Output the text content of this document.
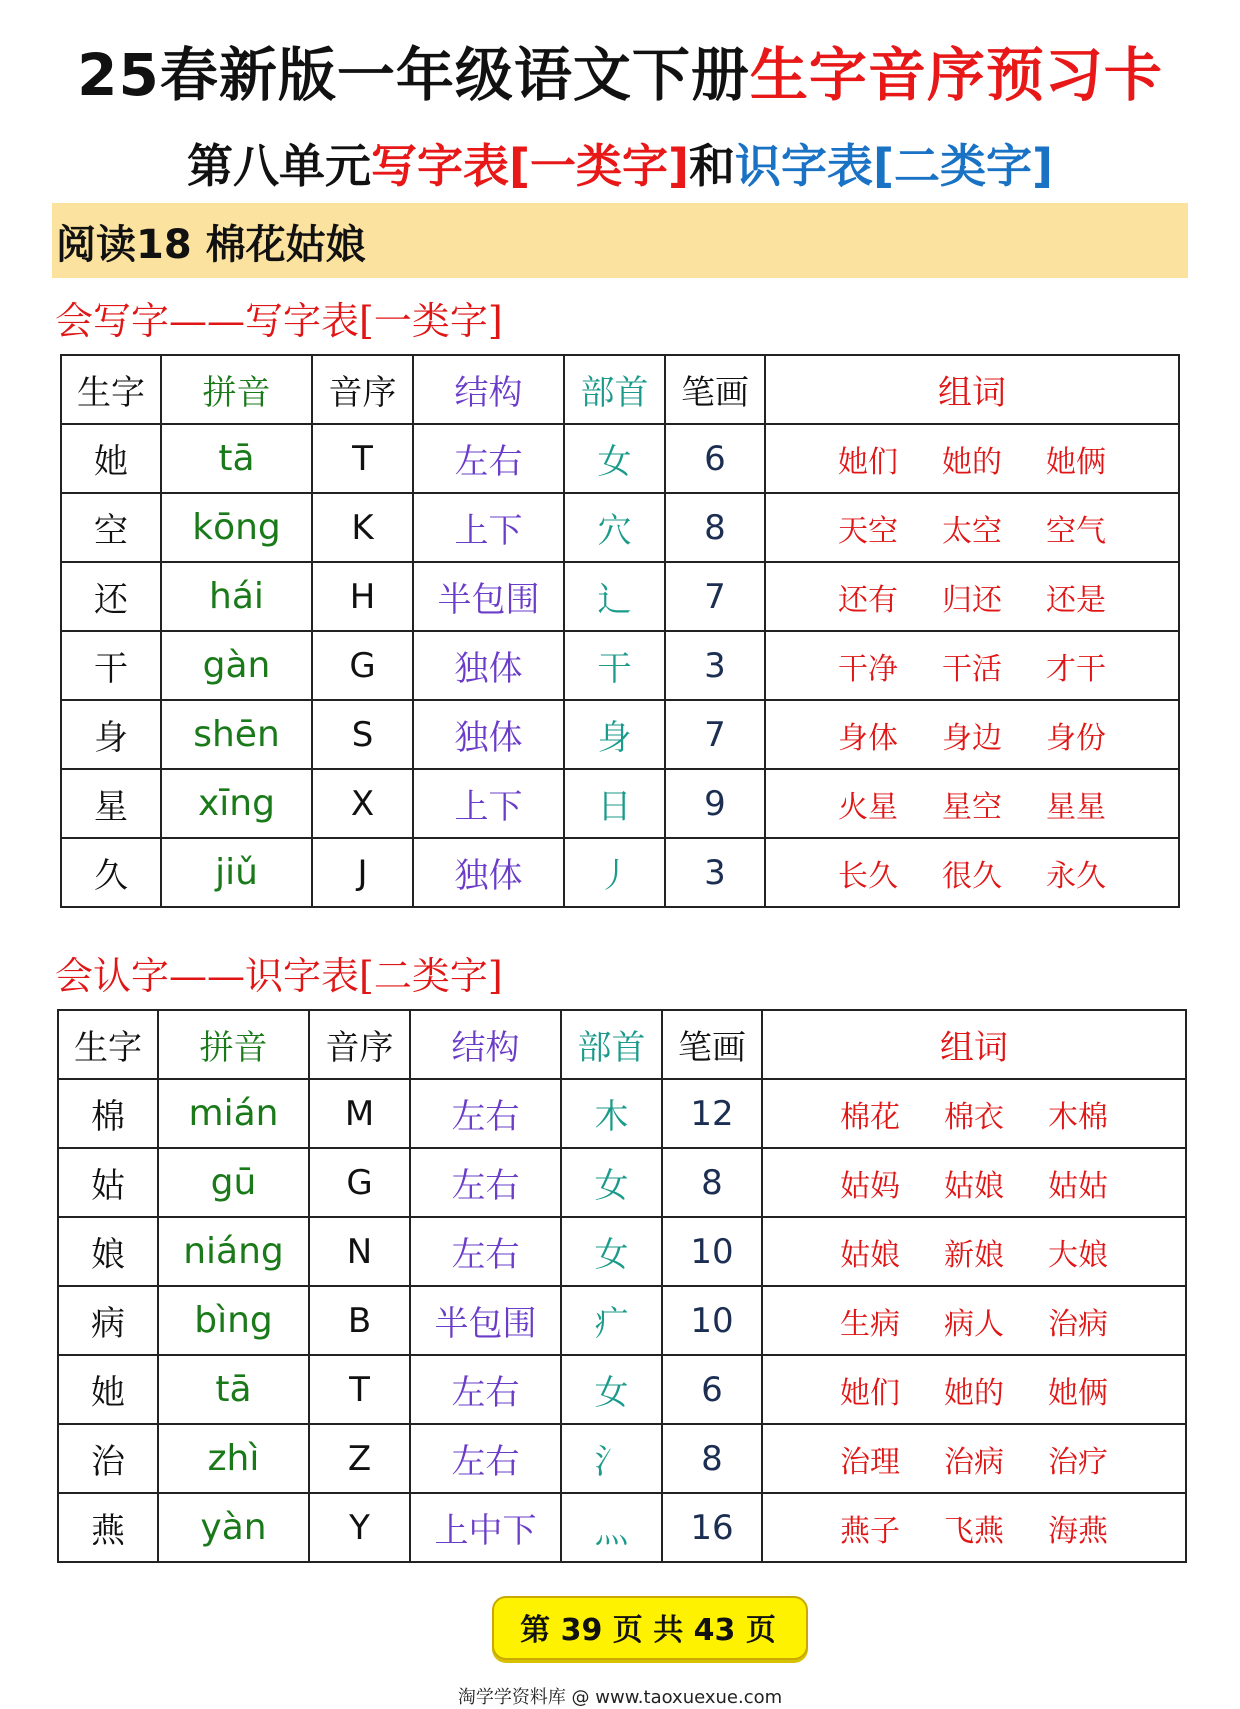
25春新版一年级语文下册生字音序预习卡
第八单元写字表[一类字]和识字表[二类字]
阅读18 棉花姑娘
会写字——写字表[一类字]
生字	拼音	音序	结构	部首	笔画	组词
她	tā	T	左右	女	6	她们 她的 她俩
空	kōng	K	上下	穴	8	天空 太空 空气
还	hái	H	半包围	辶	7	还有 归还 还是
干	gàn	G	独体	干	3	干净 干活 才干
身	shēn	S	独体	身	7	身体 身边 身份
星	xīng	X	上下	日	9	火星 星空 星星
久	jiǔ	J	独体	丿	3	长久 很久 永久
会认字——识字表[二类字]
生字	拼音	音序	结构	部首	笔画	组词
棉	mián	M	左右	木	12	棉花 棉衣 木棉
姑	gū	G	左右	女	8	姑妈 姑娘 姑姑
娘	niáng	N	左右	女	10	姑娘 新娘 大娘
病	bìng	B	半包围	疒	10	生病 病人 治病
她	tā	T	左右	女	6	她们 她的 她俩
治	zhì	Z	左右	氵	8	治理 治病 治疗
燕	yàn	Y	上中下	灬	16	燕子 飞燕 海燕
第 39 页 共 43 页
淘学学资料库 @ www.taoxuexue.com
